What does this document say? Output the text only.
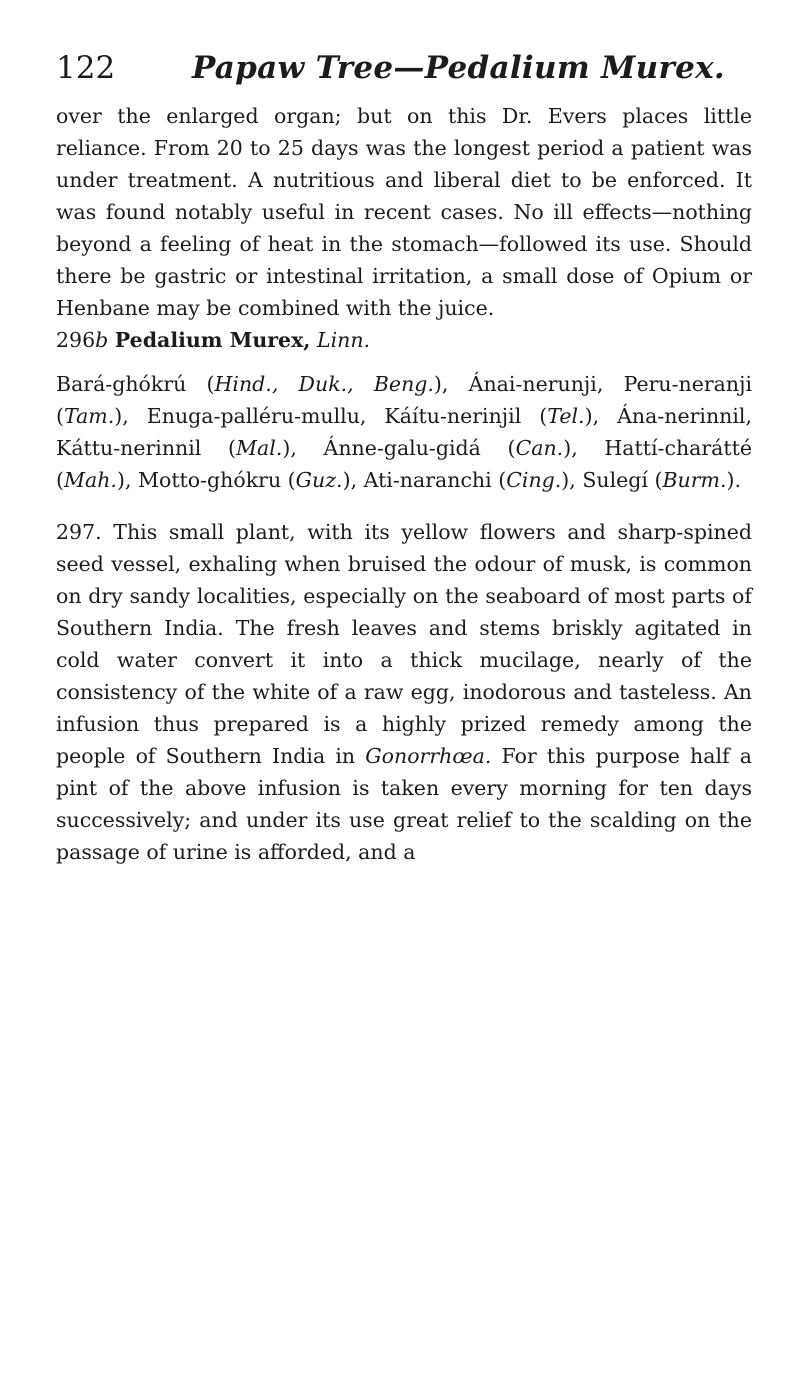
122	Papaw Tree—Pedalium Murex.

over the enlarged organ; but on this Dr. Evers places little reliance. From 20 to 25 days was the longest period a patient was under treatment. A nutritious and liberal diet to be enforced. It was found notably useful in recent cases. No ill effects—nothing beyond a feeling of heat in the stomach—followed its use. Should there be gastric or intestinal irritation, a small dose of Opium or Henbane may be combined with the juice.

296b Pedalium Murex, Linn.

Bará-ghókrú (Hind., Duk., Beng.), Ánai-nerunji, Peru-neranji (Tam.), Enuga-palléru-mullu, Káítu-nerinjil (Tel.), Ána-nerinnil, Káttu-nerinnil (Mal.), Ánne-galu-gidá (Can.), Hattí-charátté (Mah.), Motto-ghókru (Guz.), Ati-naranchi (Cing.), Sulegí (Burm.).

297. This small plant, with its yellow flowers and sharp-spined seed vessel, exhaling when bruised the odour of musk, is common on dry sandy localities, especially on the seaboard of most parts of Southern India. The fresh leaves and stems briskly agitated in cold water convert it into a thick mucilage, nearly of the consistency of the white of a raw egg, inodorous and tasteless. An infusion thus prepared is a highly prized remedy among the people of Southern India in Gonorrhœa. For this purpose half a pint of the above infusion is taken every morning for ten days successively; and under its use great relief to the scalding on the passage of urine is afforded, and a
